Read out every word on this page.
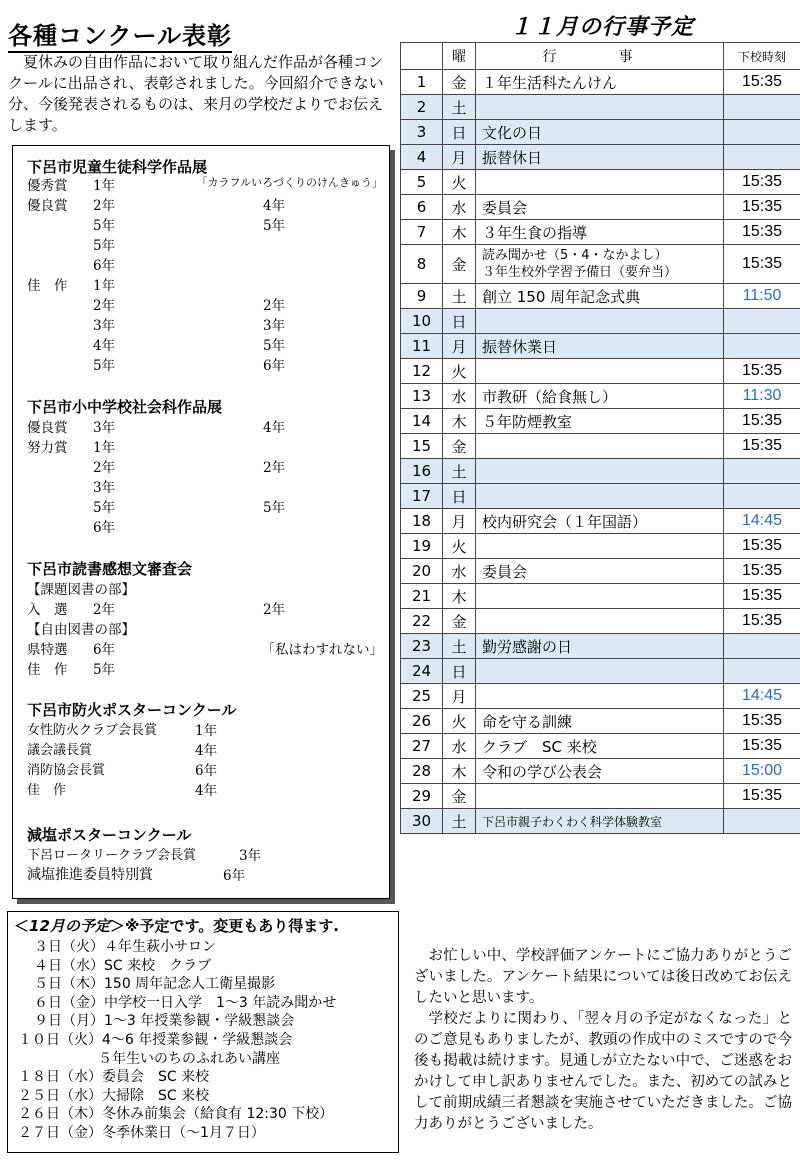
各種コンクール表彰

夏休みの自由作品において取り組んだ作品が各種コンクールに出品され、表彰されました。今回紹介できない分、今後発表されるものは、来月の学校だよりでお伝えします。

下呂市児童生徒科学作品展
優秀賞 1年	「カラフルいろづくりのけんきゅう」
優良賞 2年	4年
5年	5年
5年
6年
佳　作 1年
2年	2年
3年	3年
4年	5年
5年	6年
下呂市小中学校社会科作品展
優良賞 3年	4年
努力賞 1年
2年	2年
3年
5年	5年
6年
下呂市読書感想文審査会
【課題図書の部】
入　選 2年	2年
【自由図書の部】
県特選 6年	「私はわすれない」
佳　作 5年
下呂市防火ポスターコンクール
女性防火クラブ会長賞	1年
議会議長賞	4年
消防協会長賞	6年
佳　作	4年
減塩ポスターコンクール
下呂ロータリークラブ会長賞	3年
減塩推進委員特別賞	6年
１１月の行事予定
	曜	行　事	下校時刻
1	金	１年生活科たんけん	15:35
2	土		
3	日	文化の日	
4	月	振替休日	
5	火		15:35
6	水	委員会	15:35
7	木	３年生食の指導	15:35
8	金	読み聞かせ（5・4・なかよし）
３年生校外学習予備日（要弁当）	15:35
9	土	創立 150 周年記念式典	11:50
10	日		
11	月	振替休業日	
12	火		15:35
13	水	市教研（給食無し）	11:30
14	木	５年防煙教室	15:35
15	金		15:35
16	土		
17	日		
18	月	校内研究会（１年国語）	14:45
19	火		15:35
20	水	委員会	15:35
21	木		15:35
22	金		15:35
23	土	勤労感謝の日	
24	日		
25	月		14:45
26	火	命を守る訓練	15:35
27	水	クラブ　SC 来校	15:35
28	木	令和の学び公表会	15:00
29	金		15:35
30	土	下呂市親子わくわく科学体験教室	
＜12月の予定＞※予定です。変更もあり得ます.
３日（火）４年生萩小サロン
４日（水）SC 来校　クラブ
５日（木）150 周年記念人工衛星撮影
６日（金）中学校一日入学　1～3 年読み聞かせ
９日（月）1～3 年授業参観・学級懇談会
１０日（火）4～6 年授業参観・学級懇談会
　　　　　　５年生いのちのふれあい講座
１８日（水）委員会　SC 来校
２５日（水）大掃除　SC 来校
２６日（木）冬休み前集会（給食有 12:30 下校）
２７日（金）冬季休業日（～1月７日）

お忙しい中、学校評価アンケートにご協力ありがとうございました。アンケート結果については後日改めてお伝えしたいと思います。

学校だよりに関わり、「翌々月の予定がなくなった」とのご意見もありましたが、教頭の作成中のミスですので今後も掲載は続けます。見通しが立たない中で、ご迷惑をおかけして申し訳ありませんでした。また、初めての試みとして前期成績三者懇談を実施させていただきました。ご協力ありがとうございました。
